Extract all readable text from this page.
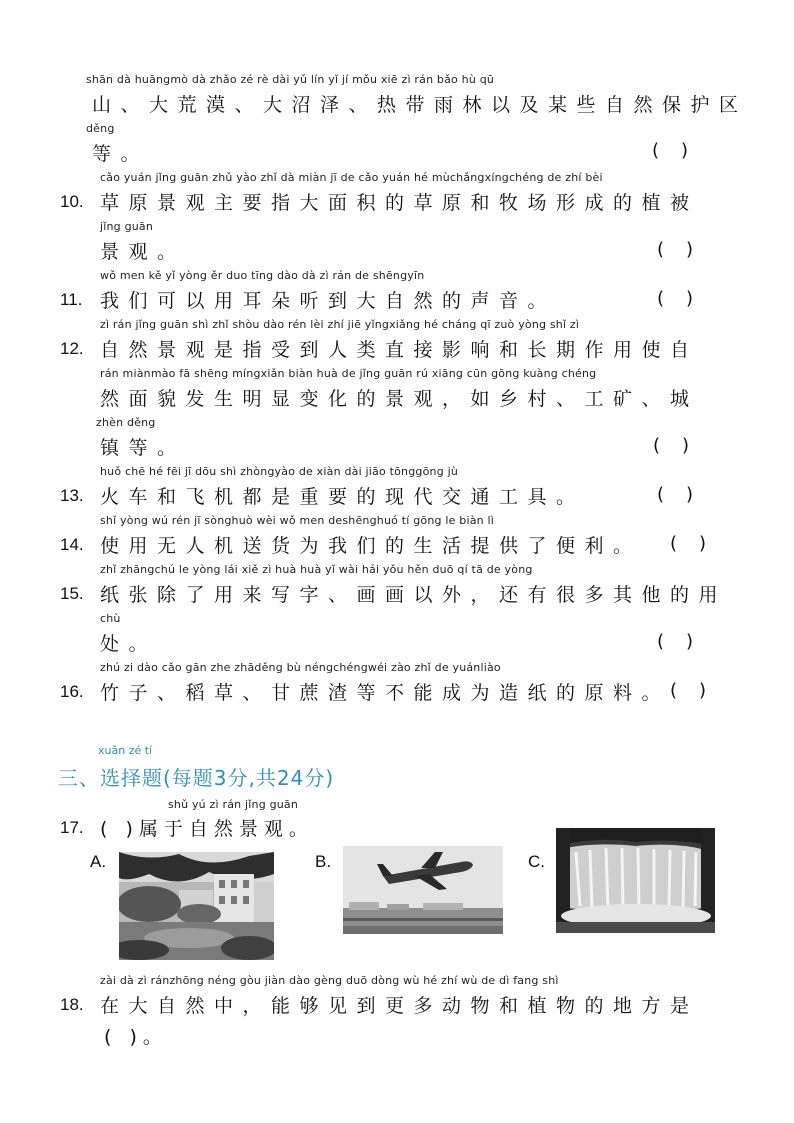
shān dà huāngmò dà zhǎo zé rè dài yǔ lín yǐ jí mǒu xiē zì rán bǎo hù qū
山、大荒漠、大沼泽、热带雨林以及某些自然保护区
děng
等。	()
cǎo yuán jǐng guān zhǔ yào zhǐ dà miàn jī de cǎo yuán hé mùchǎngxíngchéng de zhí bèi
10. 草原景观主要指大面积的草原和牧场形成的植被
jǐng guān
景观。	()
wǒ men kě yǐ yòng ěr duo tīng dào dà zì rán de shēngyīn
11. 我们可以用耳朵听到大自然的声音。	()
zì rán jǐng guān shì zhǐ shòu dào rén lèi zhí jiē yǐngxiǎng hé cháng qī zuò yòng shǐ zì
12. 自然景观是指受到人类直接影响和长期作用使自
rán miànmào fā shēng míngxiǎn biàn huà de jǐng guān rú xiāng cūn gōng kuàng chéng
然面貌发生明显变化的景观，如乡村、工矿、城
zhèn děng
镇等。	()
huǒ chē hé fēi jī dōu shì zhòngyào de xiàn dài jiāo tōnggōng jù
13. 火车和飞机都是重要的现代交通工具。	()
shǐ yòng wú rén jī sònghuò wèi wǒ men deshēnghuó tí gōng le biàn lì
14. 使用无人机送货为我们的生活提供了便利。 ()
zhǐ zhāngchú le yòng lái xiě zì huà huà yǐ wài hái yǒu hěn duō qí tā de yòng
15. 纸张除了用来写字、画画以外，还有很多其他的用
chù
处。	()
zhú zi dào cǎo gān zhe zhāděng bù néngchéngwéi zào zhǐ de yuánliào
16. 竹子、稻草、甘蔗渣等不能成为造纸的原料。 ()
xuǎn zé tí
三、选择题(每题3分,共24分)
shǔ yú zì rán jǐng guān
17. ( )属于自然景观。
A.	B.	C.
zài dà zì ránzhōng néng gòu jiàn dào gèng duō dòng wù hé zhí wù de dì fang shì
18. 在大自然中，能够见到更多动物和植物的地方是
( )。
